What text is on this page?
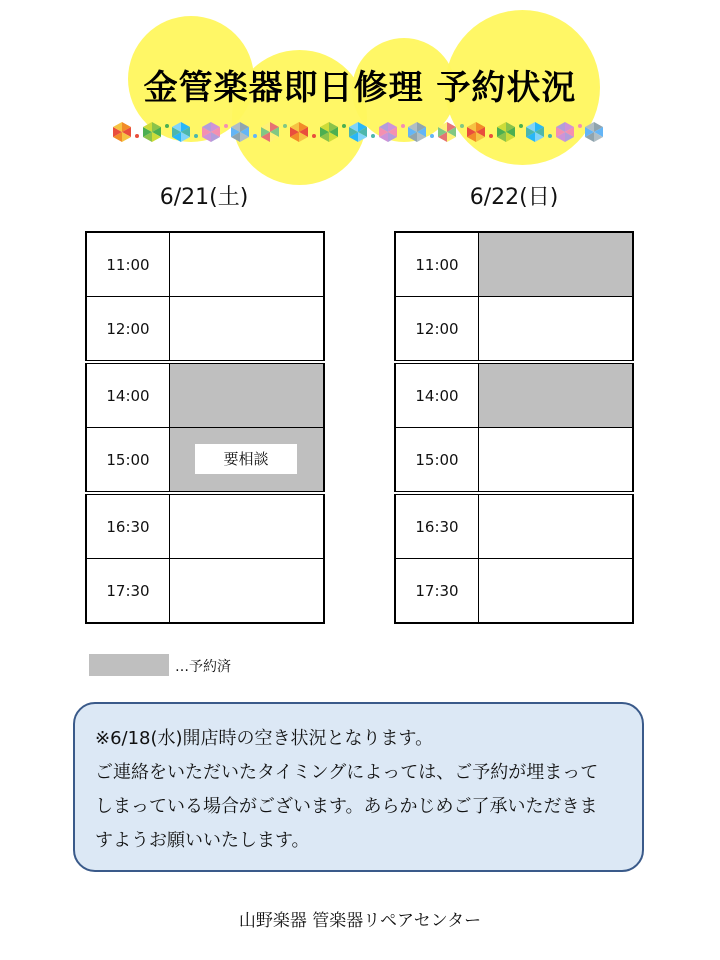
金管楽器即日修理 予約状況
6/21(土)
11:00	
12:00	
14:00	
15:00	要相談

16:30	
17:30	
6/22(日)
11:00	
12:00	
14:00	
15:00	
16:30	
17:30	
…予約済
※6/18(水)開店時の空き状況となります。
ご連絡をいただいたタイミングによっては、ご予約が埋まって
しまっている場合がございます。あらかじめご了承いただきま
すようお願いいたします。
山野楽器 管楽器リペアセンター
